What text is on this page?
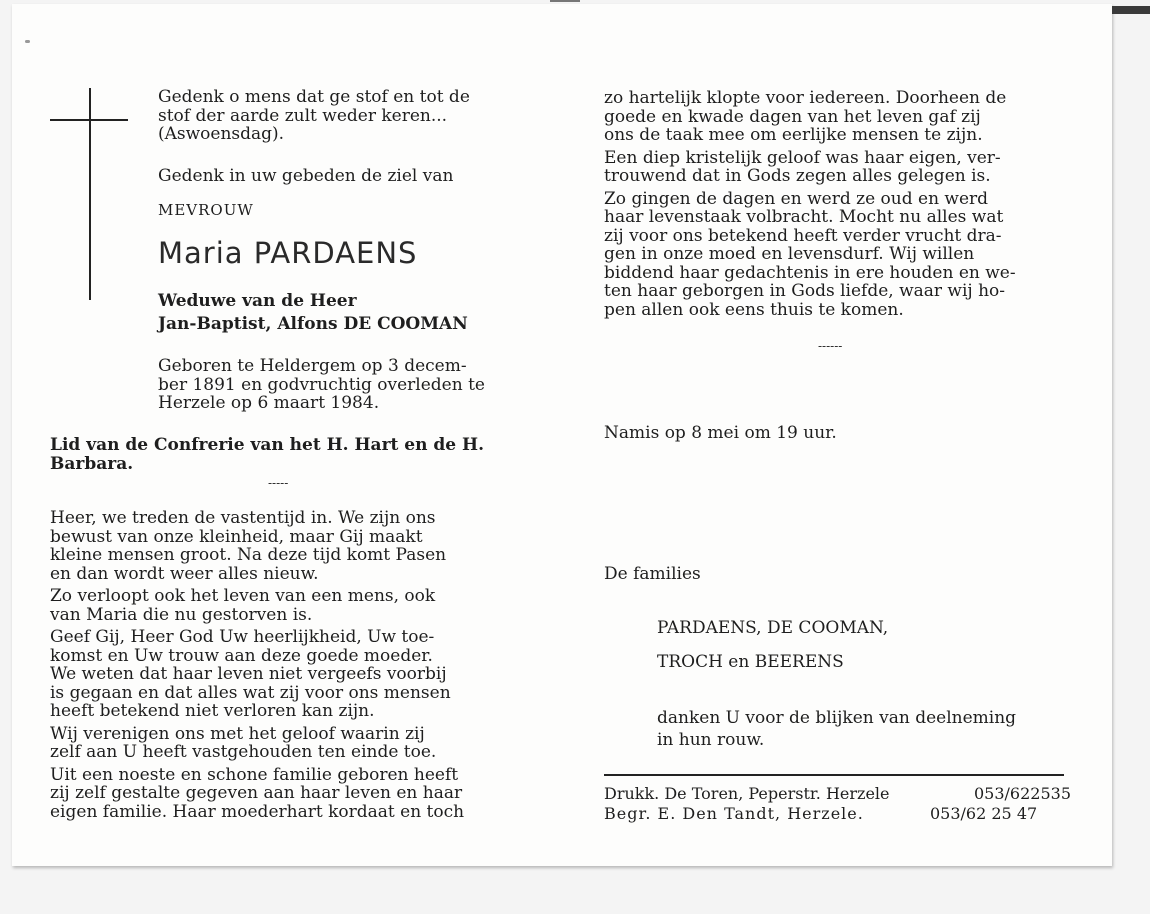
Gedenk o mens dat ge stof en tot de
stof der aarde zult weder keren...
(Aswoensdag).
Gedenk in uw gebeden de ziel van
MEVROUW
Maria PARDAENS
Weduwe van de Heer
Jan-Baptist, Alfons DE COOMAN
Geboren te Heldergem op 3 decem-
ber 1891 en godvruchtig overleden te
Herzele op 6 maart 1984.
Lid van de Confrerie van het H. Hart en de H.
Barbara.
-----
Heer, we treden de vastentijd in. We zijn ons
bewust van onze kleinheid, maar Gij maakt
kleine mensen groot. Na deze tijd komt Pasen
en dan wordt weer alles nieuw.
Zo verloopt ook het leven van een mens, ook
van Maria die nu gestorven is.
Geef Gij, Heer God Uw heerlijkheid, Uw toe-
komst en Uw trouw aan deze goede moeder.
We weten dat haar leven niet vergeefs voorbij
is gegaan en dat alles wat zij voor ons mensen
heeft betekend niet verloren kan zijn.
Wij verenigen ons met het geloof waarin zij
zelf aan U heeft vastgehouden ten einde toe.
Uit een noeste en schone familie geboren heeft
zij zelf gestalte gegeven aan haar leven en haar
eigen familie. Haar moederhart kordaat en toch
zo hartelijk klopte voor iedereen. Doorheen de
goede en kwade dagen van het leven gaf zij
ons de taak mee om eerlijke mensen te zijn.
Een diep kristelijk geloof was haar eigen, ver-
trouwend dat in Gods zegen alles gelegen is.
Zo gingen de dagen en werd ze oud en werd
haar levenstaak volbracht. Mocht nu alles wat
zij voor ons betekend heeft verder vrucht dra-
gen in onze moed en levensdurf. Wij willen
biddend haar gedachtenis in ere houden en we-
ten haar geborgen in Gods liefde, waar wij ho-
pen allen ook eens thuis te komen.
------
Namis op 8 mei om 19 uur.
De families
PARDAENS, DE COOMAN,
TROCH en BEERENS
danken U voor de blijken van deelneming
in hun rouw.
Drukk. De Toren, Peperstr. Herzele	053/622535
Begr. E. Den Tandt, Herzele.	053/62 25 47
